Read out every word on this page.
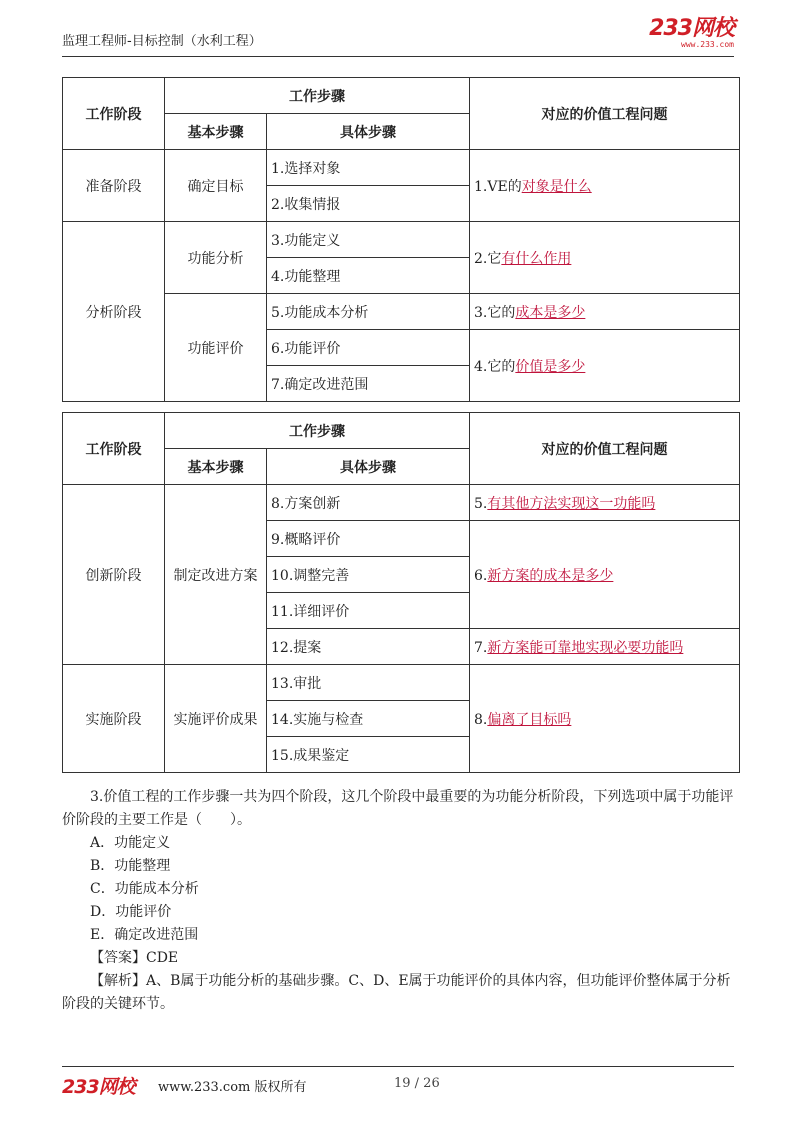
监理工程师-目标控制（水利工程）
233网校
www.233.com
工作阶段	工作步骤		对应的价值工程问题
	基本步骤	具体步骤	
准备阶段	确定目标	1.选择对象	1.VE的对象是什么
		2.收集情报	
分析阶段	功能分析	3.功能定义	2.它有什么作用
		4.功能整理	
	功能评价	5.功能成本分析	3.它的成本是多少
		6.功能评价	4.它的价值是多少
		7.确定改进范围	
工作阶段	工作步骤		对应的价值工程问题
	基本步骤	具体步骤	
创新阶段	制定改进方案	8.方案创新	5.有其他方法实现这一功能吗
		9.概略评价	6.新方案的成本是多少
		10.调整完善	
		11.详细评价	
		12.提案	7.新方案能可靠地实现必要功能吗
实施阶段	实施评价成果	13.审批	8.偏离了目标吗
		14.实施与检查	
		15.成果鉴定	

3.价值工程的工作步骤一共为四个阶段，这几个阶段中最重要的为功能分析阶段，下列选项中属于功能评价阶段的主要工作是（　　）。

A．功能定义

B．功能整理

C．功能成本分析

D．功能评价

E．确定改进范围

【答案】CDE

【解析】A、B属于功能分析的基础步骤。C、D、E属于功能评价的具体内容，但功能评价整体属于分析阶段的关键环节。

233网校 www.233.com 版权所有	19 / 26
